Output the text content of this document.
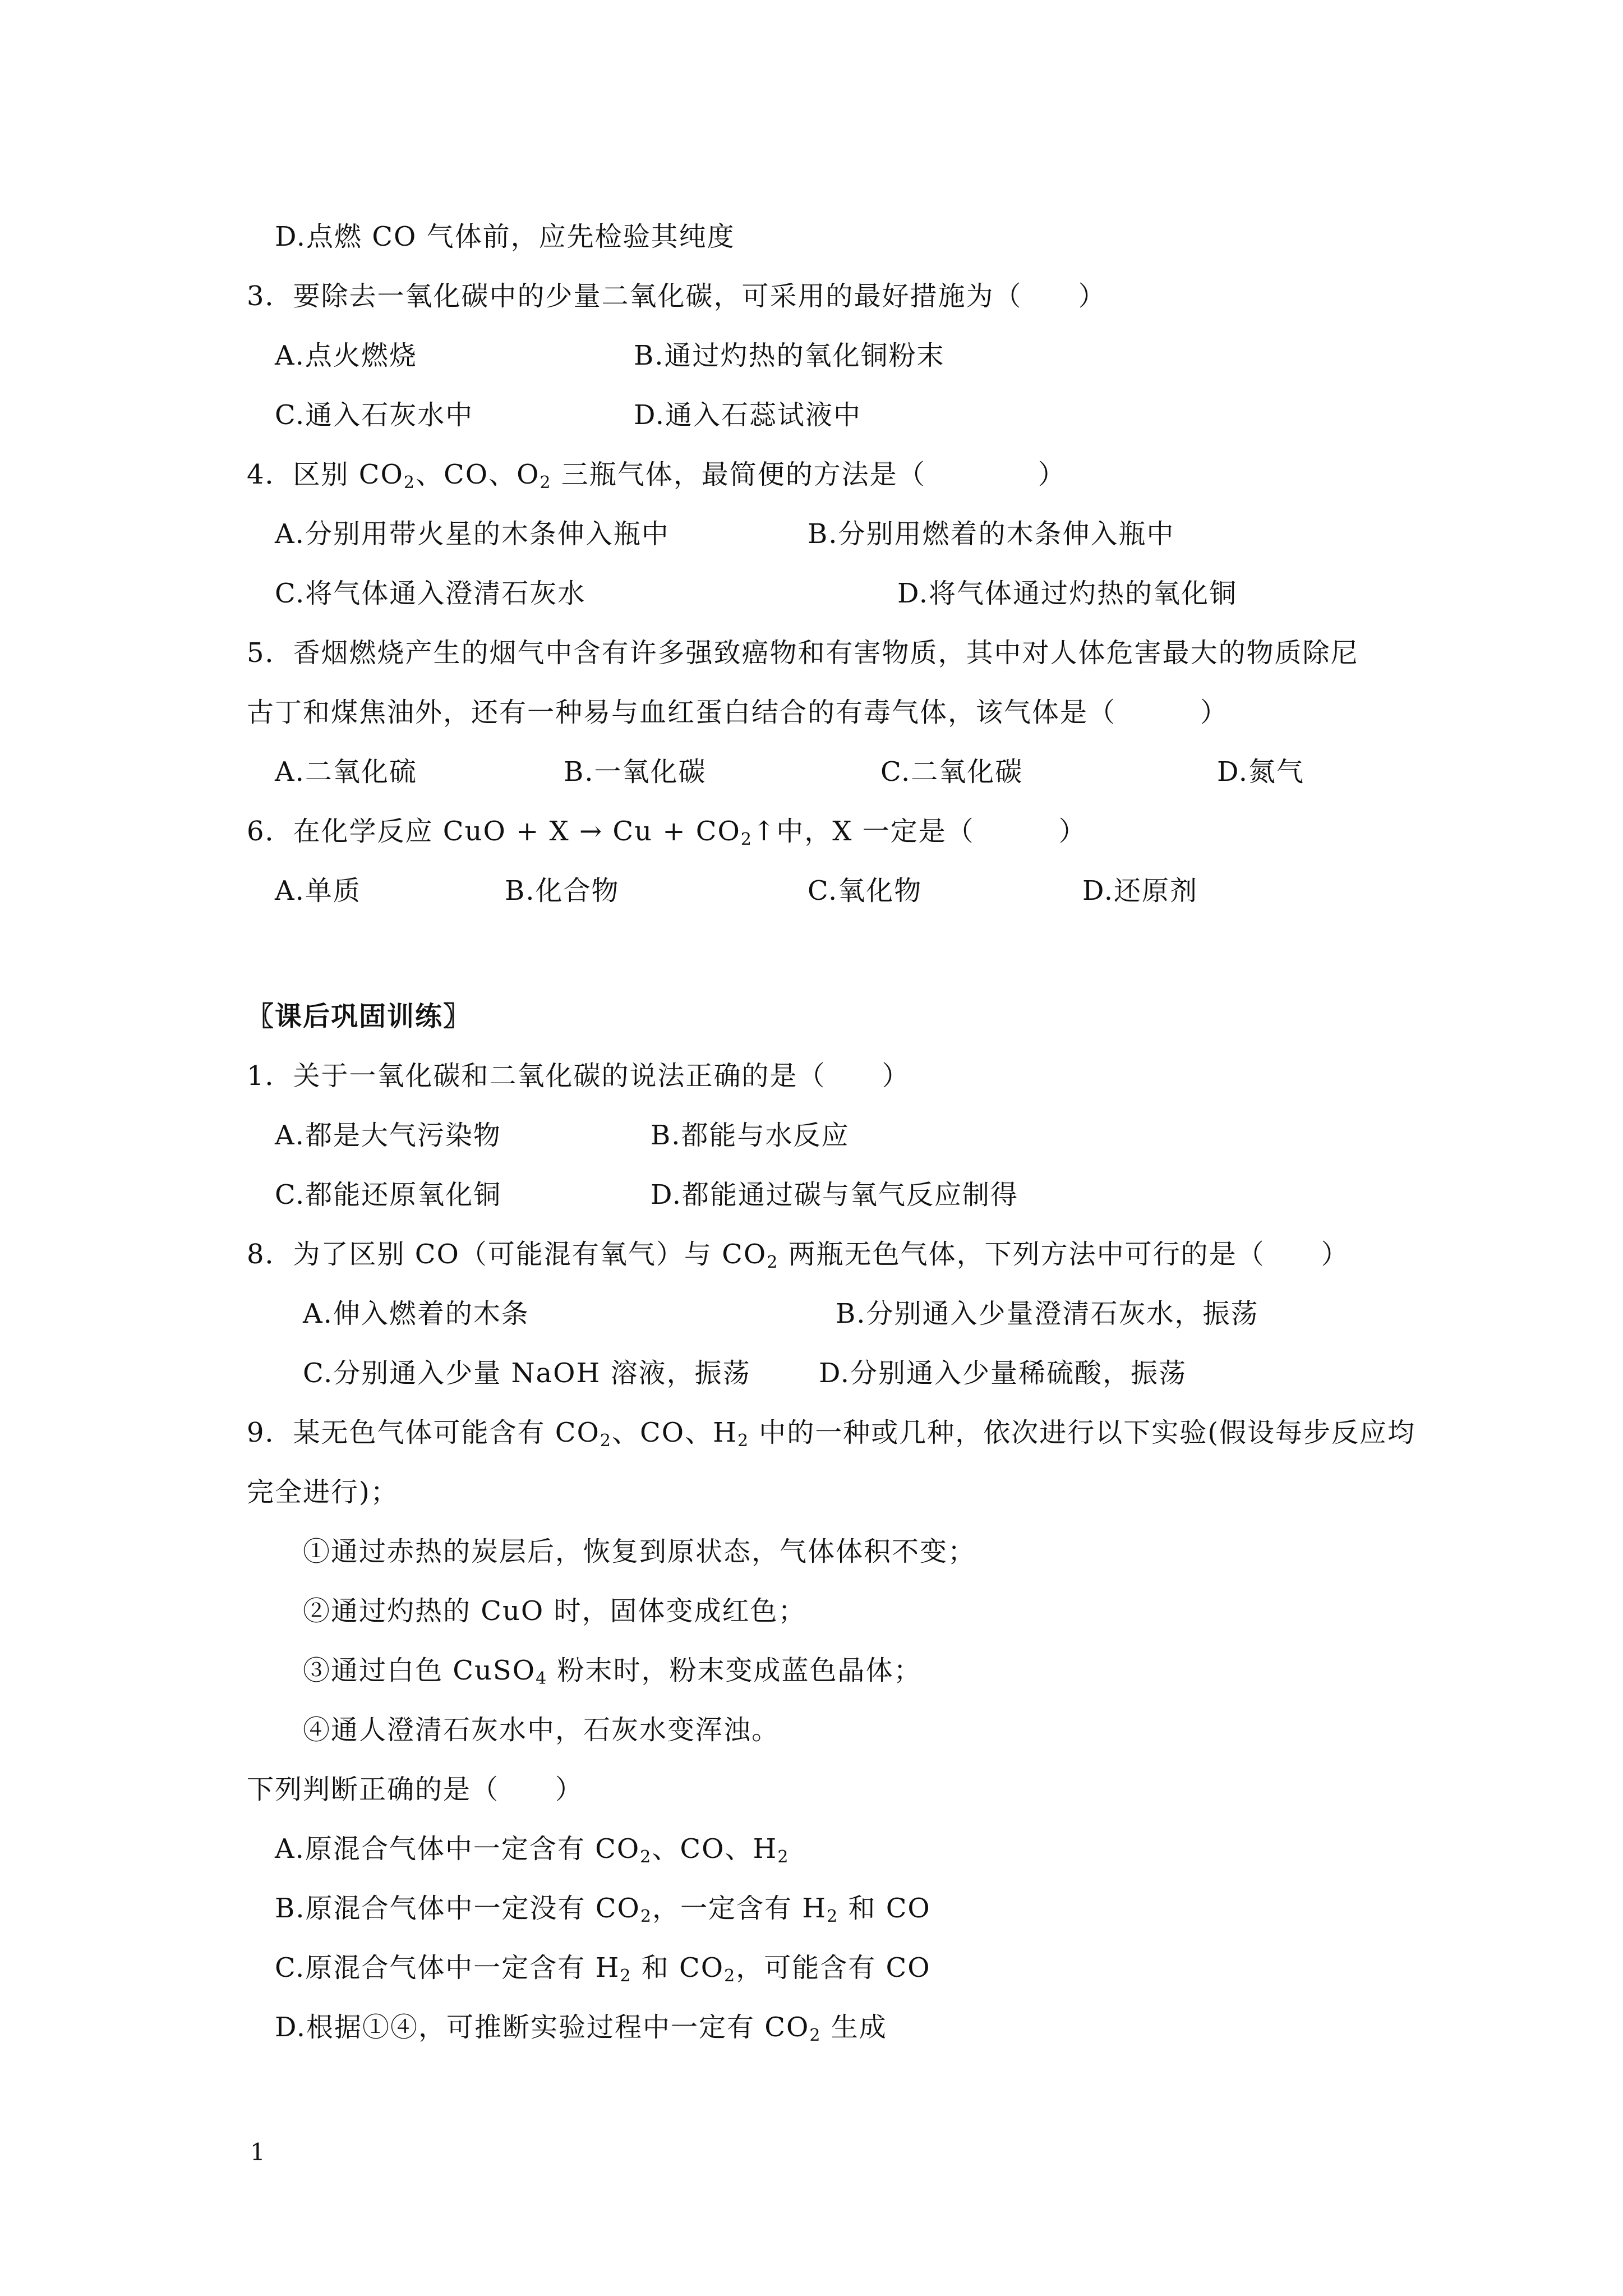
D.点燃 CO 气体前，应先检验其纯度
3．要除去一氧化碳中的少量二氧化碳，可采用的最好措施为（　　）
A.点火燃烧	B.通过灼热的氧化铜粉末
C.通入石灰水中	D.通入石蕊试液中
4．区别 $CO_2$、CO、$O_2$ 三瓶气体，最简便的方法是（　　　　）
A.分别用带火星的木条伸入瓶中	B.分别用燃着的木条伸入瓶中
C.将气体通入澄清石灰水	D.将气体通过灼热的氧化铜
5．香烟燃烧产生的烟气中含有许多强致癌物和有害物质，其中对人体危害最大的物质除尼
古丁和煤焦油外，还有一种易与血红蛋白结合的有毒气体，该气体是（　　　）
A.二氧化硫	B.一氧化碳	C.二氧化碳	D.氮气
6．在化学反应 CuO + $X \to Cu + CO_2↑$中，X 一定是（　　　）
A.单质	B.化合物	C.氧化物	D.还原剂
〖课后巩固训练〗
1．关于一氧化碳和二氧化碳的说法正确的是（　　）
A.都是大气污染物	B.都能与水反应
C.都能还原氧化铜	D.都能通过碳与氧气反应制得
8．为了区别 CO（可能混有氧气）与 $CO_2$ 两瓶无色气体，下列方法中可行的是（　　）
A.伸入燃着的木条	B.分别通入少量澄清石灰水，振荡
C.分别通入少量 NaOH 溶液，振荡	D.分别通入少量稀硫酸，振荡
9．某无色气体可能含有 $CO_2$、CO、$H_2$ 中的一种或几种，依次进行以下实验(假设每步反应均
完全进行)；
①通过赤热的炭层后，恢复到原状态，气体体积不变；
②通过灼热的 CuO 时，固体变成红色；
③通过白色 CuSO$_4$ 粉末时，粉末变成蓝色晶体；
④通人澄清石灰水中，石灰水变浑浊。
下列判断正确的是（　　）
A.原混合气体中一定含有 $CO_2$、CO、$H_2$
B.原混合气体中一定没有 $CO_2$，一定含有 $H_2$ 和 CO
C.原混合气体中一定含有 $H_2$ 和 $CO_2$，可能含有 CO
D.根据①④，可推断实验过程中一定有 $CO_2$ 生成
1
